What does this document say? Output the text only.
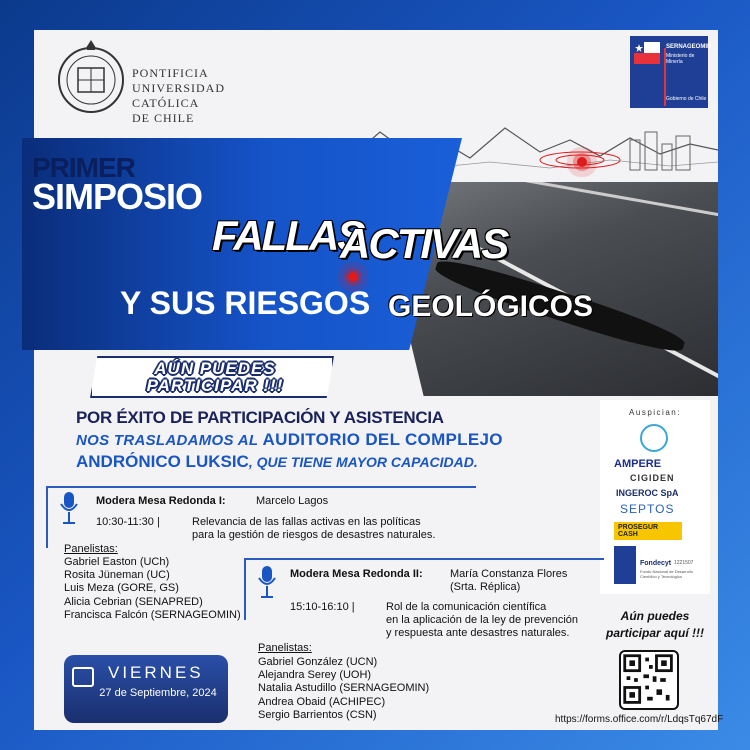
PONTIFICIA
UNIVERSIDAD
CATÓLICA
DE CHILE
SERNAGEOMIN
Ministerio de Minería
Gobierno de Chile
PRIMER
SIMPOSIO
FALLAS
ACTIVAS
Y SUS RIESGOS GEOLÓGICOS
AÚN PUEDES
PARTICIPAR !!!
POR ÉXITO DE PARTICIPACIÓN Y ASISTENCIA
NOS TRASLADAMOS AL AUDITORIO DEL COMPLEJO
ANDRÓNICO LUKSIC, QUE TIENE MAYOR CAPACIDAD.
Auspician:
AMPERE
CIGIDEN
INGEROC SpA
SEPTOS
PROSEGUR
CASH
Fondecyt 1221507
Fondo Nacional de Desarrollo Científico y Tecnológico
Aún puedes
participar aquí !!!
https://forms.office.com/r/LdqsTq67dF
Modera Mesa Redonda I:	Marcelo Lagos
10:30-11:30 |	Relevancia de las fallas activas en las políticas
para la gestión de riesgos de desastres naturales.
Panelistas:
Gabriel Easton (UCh)
Rosita Jüneman (UC)
Luis Meza (GORE, GS)
Alicia Cebrian (SENAPRED)
Francisca Falcón (SERNAGEOMIN)
Modera Mesa Redonda II: María Constanza Flores
(Srta. Réplica)
15:10-16:10 |	Rol de la comunicación científica
en la aplicación de la ley de prevención
y respuesta ante desastres naturales.
Panelistas:
Gabriel González (UCN)
Alejandra Serey (UOH)
Natalia Astudillo (SERNAGEOMIN)
Andrea Obaid (ACHIPEC)
Sergio Barrientos (CSN)
VIERNES
27 de Septiembre, 2024
